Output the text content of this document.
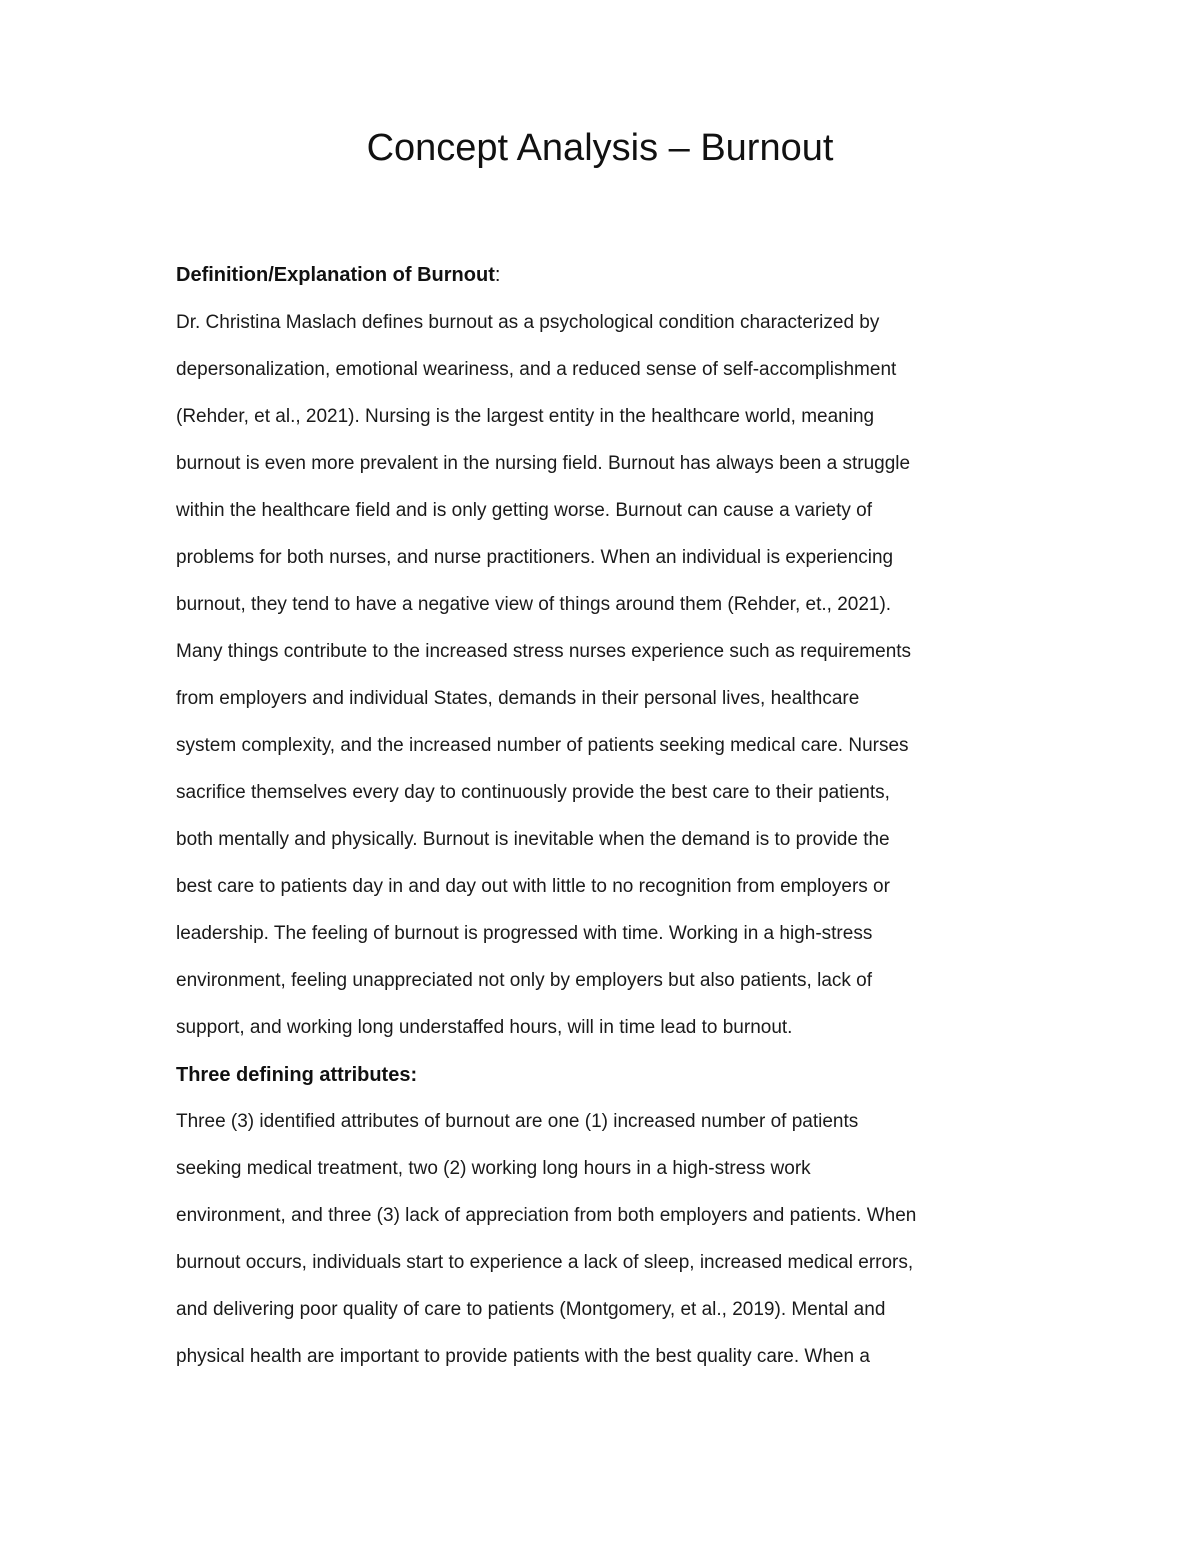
Concept Analysis – Burnout

Definition/Explanation of Burnout:

Dr. Christina Maslach defines burnout as a psychological condition characterized by
depersonalization, emotional weariness, and a reduced sense of self-accomplishment
(Rehder, et al., 2021). Nursing is the largest entity in the healthcare world, meaning
burnout is even more prevalent in the nursing field. Burnout has always been a struggle
within the healthcare field and is only getting worse. Burnout can cause a variety of
problems for both nurses, and nurse practitioners. When an individual is experiencing
burnout, they tend to have a negative view of things around them (Rehder, et., 2021).
Many things contribute to the increased stress nurses experience such as requirements
from employers and individual States, demands in their personal lives, healthcare
system complexity, and the increased number of patients seeking medical care. Nurses
sacrifice themselves every day to continuously provide the best care to their patients,
both mentally and physically. Burnout is inevitable when the demand is to provide the
best care to patients day in and day out with little to no recognition from employers or
leadership. The feeling of burnout is progressed with time. Working in a high-stress
environment, feeling unappreciated not only by employers but also patients, lack of
support, and working long understaffed hours, will in time lead to burnout.

Three defining attributes:

Three (3) identified attributes of burnout are one (1) increased number of patients
seeking medical treatment, two (2) working long hours in a high-stress work
environment, and three (3) lack of appreciation from both employers and patients. When
burnout occurs, individuals start to experience a lack of sleep, increased medical errors,
and delivering poor quality of care to patients (Montgomery, et al., 2019). Mental and
physical health are important to provide patients with the best quality care. When a
